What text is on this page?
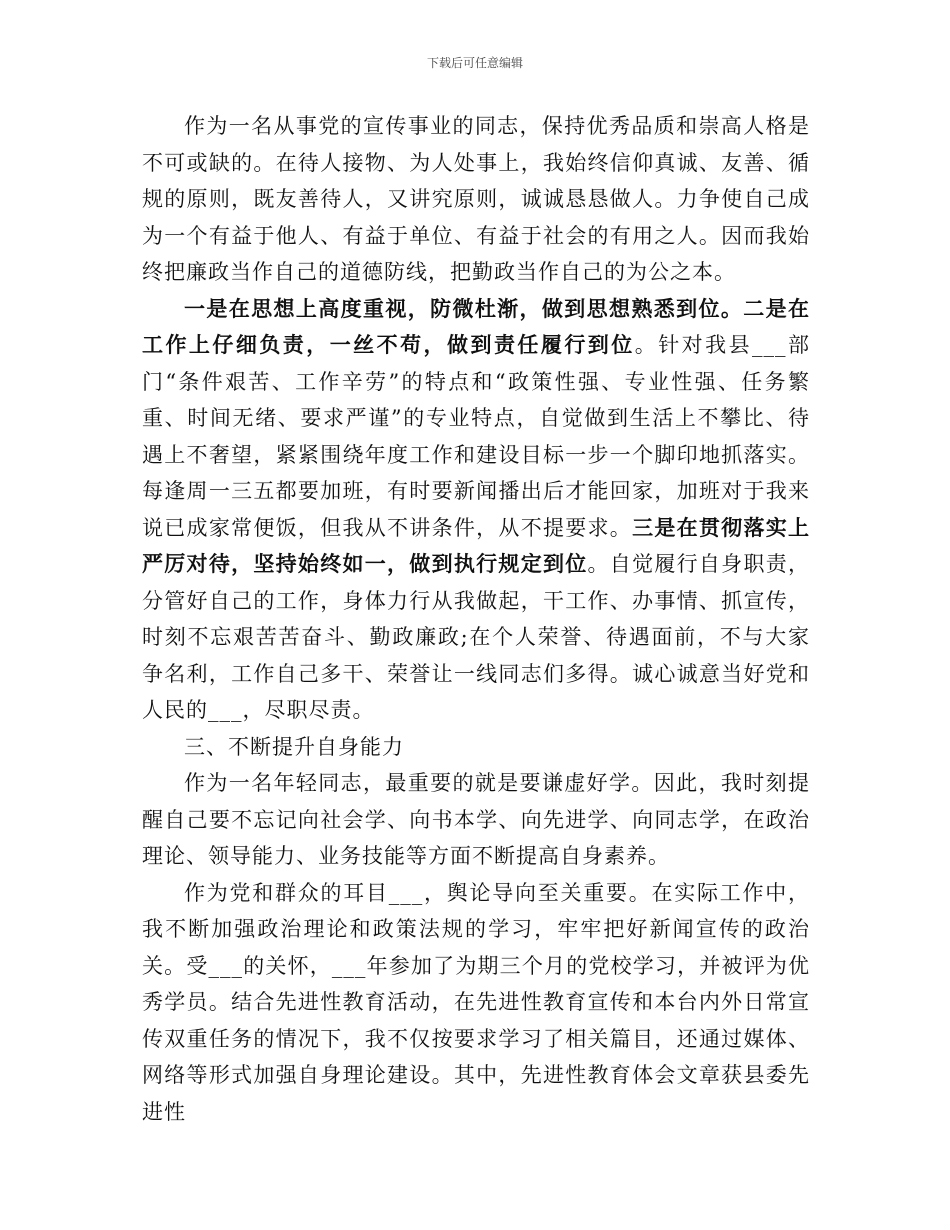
下载后可任意编辑

作为一名从事党的宣传事业的同志，保持优秀品质和崇高人格是不可或缺的。在待人接物、为人处事上，我始终信仰真诚、友善、循规的原则，既友善待人，又讲究原则，诚诚恳恳做人。力争使自己成为一个有益于他人、有益于单位、有益于社会的有用之人。因而我始终把廉政当作自己的道德防线，把勤政当作自己的为公之本。

一是在思想上高度重视，防微杜渐，做到思想熟悉到位。二是在工作上仔细负责，一丝不苟，做到责任履行到位。针对我县___部门“条件艰苦、工作辛劳”的特点和“政策性强、专业性强、任务繁重、时间无绪、要求严谨”的专业特点，自觉做到生活上不攀比、待遇上不奢望，紧紧围绕年度工作和建设目标一步一个脚印地抓落实。每逢周一三五都要加班，有时要新闻播出后才能回家，加班对于我来说已成家常便饭，但我从不讲条件，从不提要求。三是在贯彻落实上严厉对待，坚持始终如一，做到执行规定到位。自觉履行自身职责，分管好自己的工作，身体力行从我做起，干工作、办事情、抓宣传，时刻不忘艰苦苦奋斗、勤政廉政;在个人荣誉、待遇面前，不与大家争名利，工作自己多干、荣誉让一线同志们多得。诚心诚意当好党和人民的___，尽职尽责。

三、不断提升自身能力

作为一名年轻同志，最重要的就是要谦虚好学。因此，我时刻提醒自己要不忘记向社会学、向书本学、向先进学、向同志学，在政治理论、领导能力、业务技能等方面不断提高自身素养。

作为党和群众的耳目___，舆论导向至关重要。在实际工作中，我不断加强政治理论和政策法规的学习，牢牢把好新闻宣传的政治关。受___的关怀，___年参加了为期三个月的党校学习，并被评为优秀学员。结合先进性教育活动，在先进性教育宣传和本台内外日常宣传双重任务的情况下，我不仅按要求学习了相关篇目，还通过媒体、网络等形式加强自身理论建设。其中，先进性教育体会文章获县委先进性
